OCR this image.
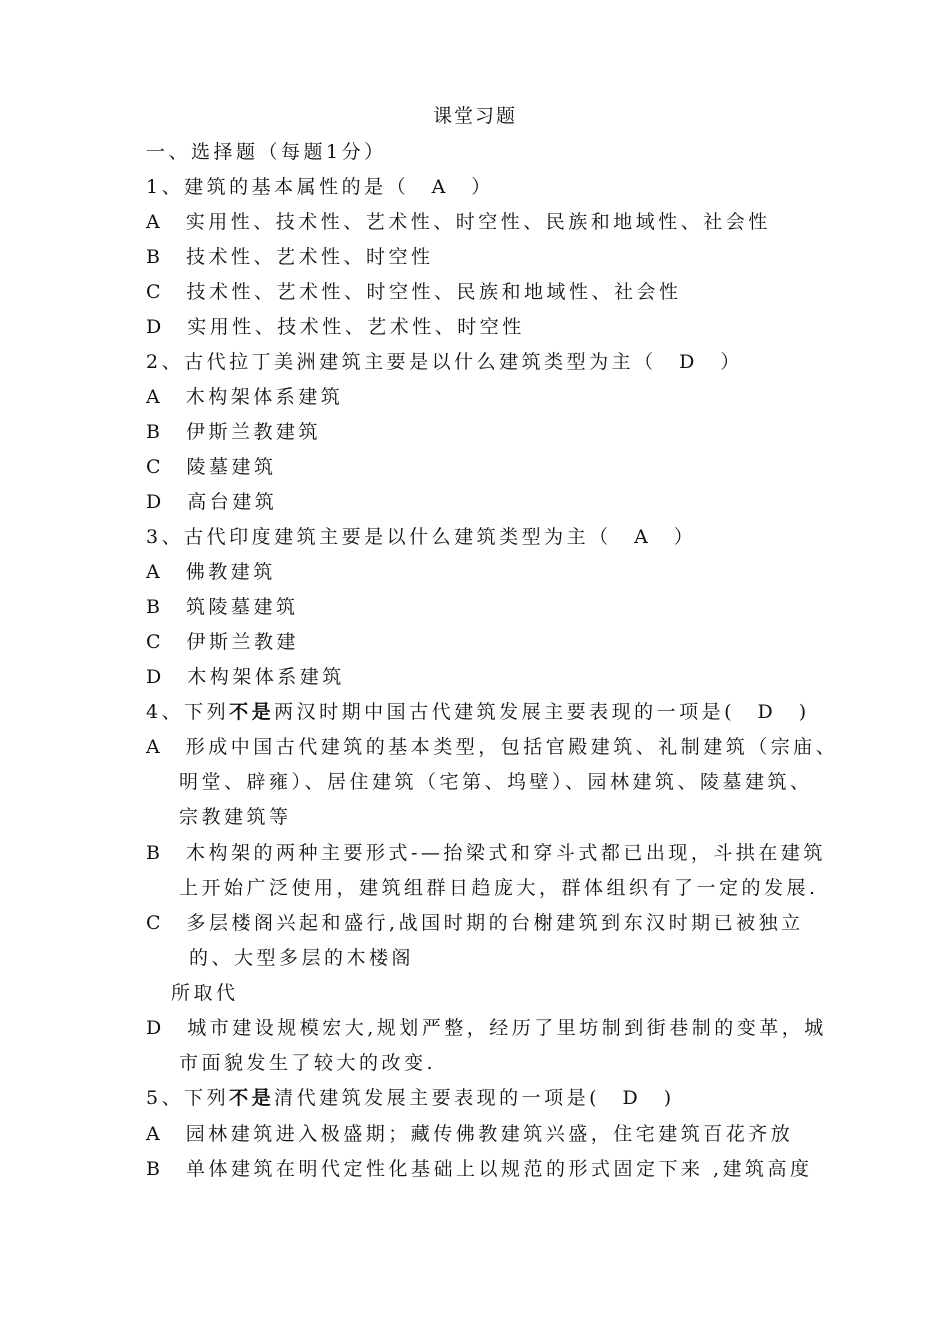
课堂习题
一、选择题（每题1分）
1、建筑的基本属性的是（　A　）
A　实用性、技术性、艺术性、时空性、民族和地域性、社会性
B　技术性、艺术性、时空性
C　技术性、艺术性、时空性、民族和地域性、社会性
D　实用性、技术性、艺术性、时空性
2、古代拉丁美洲建筑主要是以什么建筑类型为主（　D　）
A　木构架体系建筑
B　伊斯兰教建筑
C　陵墓建筑
D　高台建筑
3、古代印度建筑主要是以什么建筑类型为主（　A　）
A　佛教建筑
B　筑陵墓建筑
C　伊斯兰教建
D　木构架体系建筑
4、下列不是两汉时期中国古代建筑发展主要表现的一项是(　D　)
A　形成中国古代建筑的基本类型，包括官殿建筑、礼制建筑（宗庙、
明堂、辟雍）、居住建筑（宅第、坞壁）、园林建筑、陵墓建筑、
宗教建筑等
B　木构架的两种主要形式-—抬梁式和穿斗式都已出现，斗拱在建筑
上开始广泛使用，建筑组群日趋庞大，群体组织有了一定的发展.
C　多层楼阁兴起和盛行,战国时期的台榭建筑到东汉时期已被独立
的、大型多层的木楼阁
所取代
D　城市建设规模宏大,规划严整，经历了里坊制到街巷制的变革，城
市面貌发生了较大的改变.
5、下列不是清代建筑发展主要表现的一项是(　D　)
A　园林建筑进入极盛期；藏传佛教建筑兴盛，住宅建筑百花齐放
B　单体建筑在明代定性化基础上以规范的形式固定下来 ,建筑高度
